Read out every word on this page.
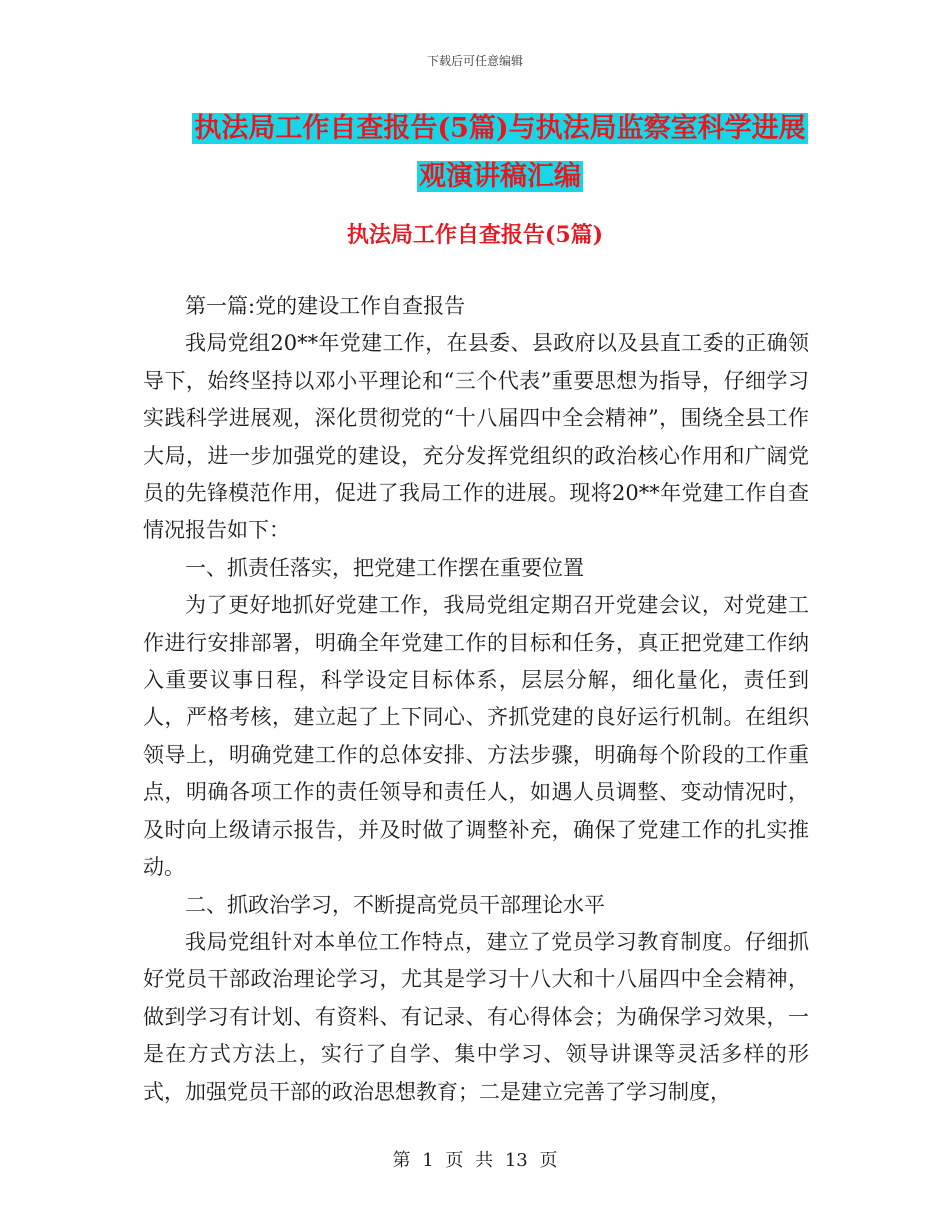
下载后可任意编辑
执法局工作自查报告(5篇)与执法局监察室科学进展
观演讲稿汇编
执法局工作自查报告(5篇)

第一篇:党的建设工作自查报告

我局党组20**年党建工作，在县委、县政府以及县直工委的正确领导下，始终坚持以邓小平理论和“三个代表”重要思想为指导，仔细学习实践科学进展观，深化贯彻党的“十八届四中全会精神”，围绕全县工作大局，进一步加强党的建设，充分发挥党组织的政治核心作用和广阔党员的先锋模范作用，促进了我局工作的进展。现将20**年党建工作自查情况报告如下：

一、抓责任落实，把党建工作摆在重要位置

为了更好地抓好党建工作，我局党组定期召开党建会议，对党建工作进行安排部署，明确全年党建工作的目标和任务，真正把党建工作纳入重要议事日程，科学设定目标体系，层层分解，细化量化，责任到人，严格考核，建立起了上下同心、齐抓党建的良好运行机制。在组织领导上，明确党建工作的总体安排、方法步骤，明确每个阶段的工作重点，明确各项工作的责任领导和责任人，如遇人员调整、变动情况时，及时向上级请示报告，并及时做了调整补充，确保了党建工作的扎实推动。

二、抓政治学习，不断提高党员干部理论水平

我局党组针对本单位工作特点，建立了党员学习教育制度。仔细抓好党员干部政治理论学习，尤其是学习十八大和十八届四中全会精神，做到学习有计划、有资料、有记录、有心得体会；为确保学习效果，一是在方式方法上，实行了自学、集中学习、领导讲课等灵活多样的形式，加强党员干部的政治思想教育；二是建立完善了学习制度，

第 1 页 共 13 页
